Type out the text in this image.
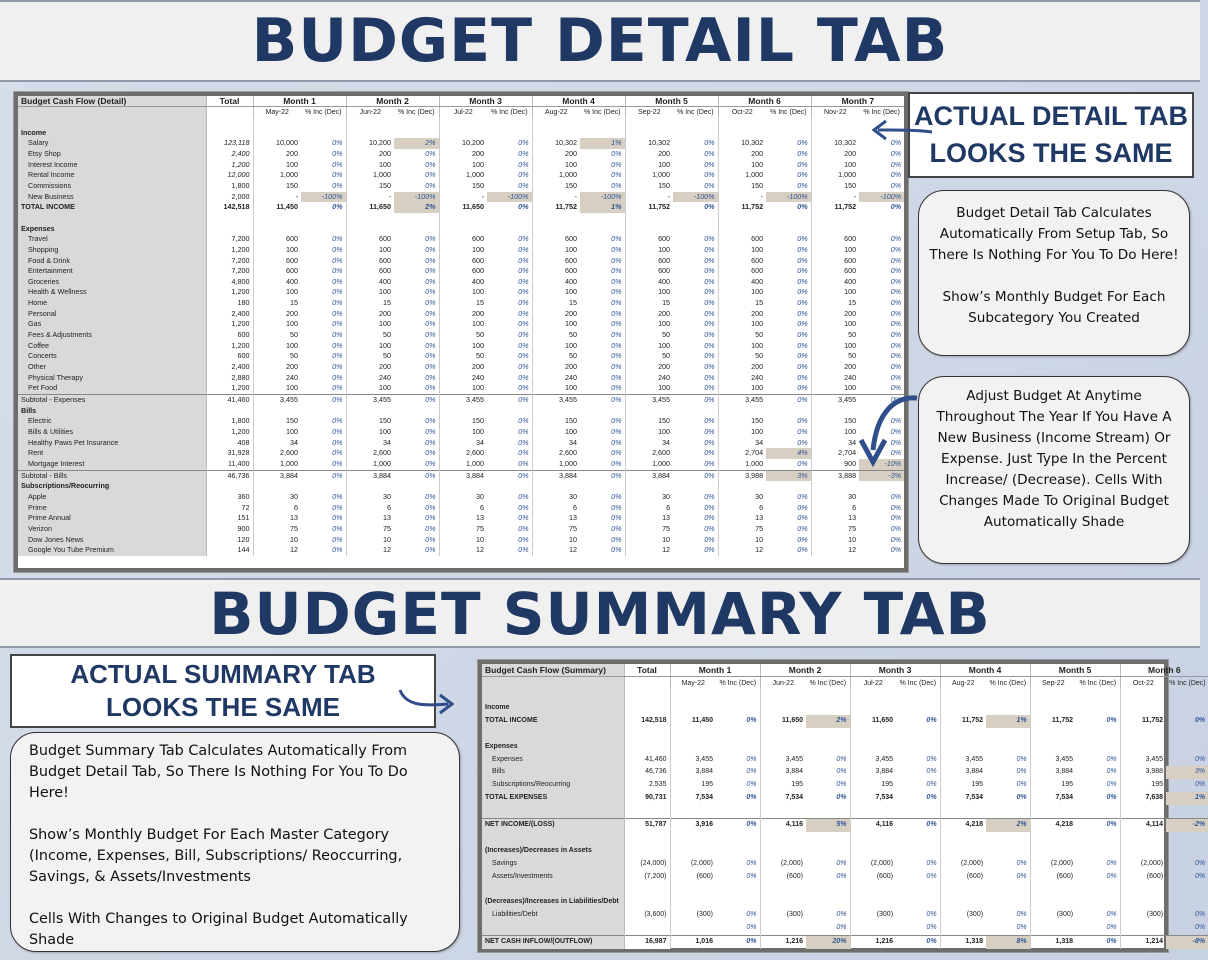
BUDGET DETAIL TAB
Budget Cash Flow (Detail)	Total	Month 1		Month 2		Month 3		Month 4		Month 5		Month 6		Month 7	
		May-22	% Inc (Dec)	Jun-22	% Inc (Dec)	Jul-22	% Inc (Dec)	Aug-22	% Inc (Dec)	Sep-22	% Inc (Dec)	Oct-22	% Inc (Dec)	Nov-22	% Inc (Dec)

Income															
Salary	123,118	10,000	0%	10,200	2%	10,200	0%	10,302	1%	10,302	0%	10,302	0%	10,302	0%
Etsy Shop	2,400	200	0%	200	0%	200	0%	200	0%	200	0%	200	0%	200	0%
Interest Income	1,200	100	0%	100	0%	100	0%	100	0%	100	0%	100	0%	100	0%
Rental Income	12,000	1,000	0%	1,000	0%	1,000	0%	1,000	0%	1,000	0%	1,000	0%	1,000	0%
Commissions	1,800	150	0%	150	0%	150	0%	150	0%	150	0%	150	0%	150	0%
New Business	2,000	-	-100%	-	-100%	-	-100%	-	-100%	-	-100%	-	-100%	-	-100%
TOTAL INCOME	142,518	11,450	0%	11,650	2%	11,650	0%	11,752	1%	11,752	0%	11,752	0%	11,752	0%

Expenses															
Travel	7,200	600	0%	600	0%	600	0%	600	0%	600	0%	600	0%	600	0%
Shopping	1,200	100	0%	100	0%	100	0%	100	0%	100	0%	100	0%	100	0%
Food & Drink	7,200	600	0%	600	0%	600	0%	600	0%	600	0%	600	0%	600	0%
Entertainment	7,200	600	0%	600	0%	600	0%	600	0%	600	0%	600	0%	600	0%
Groceries	4,800	400	0%	400	0%	400	0%	400	0%	400	0%	400	0%	400	0%
Health & Wellness	1,200	100	0%	100	0%	100	0%	100	0%	100	0%	100	0%	100	0%
Home	180	15	0%	15	0%	15	0%	15	0%	15	0%	15	0%	15	0%
Personal	2,400	200	0%	200	0%	200	0%	200	0%	200	0%	200	0%	200	0%
Gas	1,200	100	0%	100	0%	100	0%	100	0%	100	0%	100	0%	100	0%
Fees & Adjustments	600	50	0%	50	0%	50	0%	50	0%	50	0%	50	0%	50	0%
Coffee	1,200	100	0%	100	0%	100	0%	100	0%	100	0%	100	0%	100	0%
Concerts	600	50	0%	50	0%	50	0%	50	0%	50	0%	50	0%	50	0%
Other	2,400	200	0%	200	0%	200	0%	200	0%	200	0%	200	0%	200	0%
Physical Therapy	2,880	240	0%	240	0%	240	0%	240	0%	240	0%	240	0%	240	0%
Pet Food	1,200	100	0%	100	0%	100	0%	100	0%	100	0%	100	0%	100	0%
Subtotal - Expenses	41,460	3,455	0%	3,455	0%	3,455	0%	3,455	0%	3,455	0%	3,455	0%	3,455	0%
Bills															
Electric	1,800	150	0%	150	0%	150	0%	150	0%	150	0%	150	0%	150	0%
Bills & Utilities	1,200	100	0%	100	0%	100	0%	100	0%	100	0%	100	0%	100	0%
Healthy Paws Pet Insurance	408	34	0%	34	0%	34	0%	34	0%	34	0%	34	0%	34	0%
Rent	31,928	2,600	0%	2,600	0%	2,600	0%	2,600	0%	2,600	0%	2,704	4%	2,704	0%
Mortgage Interest	11,400	1,000	0%	1,000	0%	1,000	0%	1,000	0%	1,000	0%	1,000	0%	900	-10%
Subtotal - Bills	46,736	3,884	0%	3,884	0%	3,884	0%	3,884	0%	3,884	0%	3,988	3%	3,888	-3%
Subscriptions/Reocurring															
Apple	360	30	0%	30	0%	30	0%	30	0%	30	0%	30	0%	30	0%
Prime	72	6	0%	6	0%	6	0%	6	0%	6	0%	6	0%	6	0%
Prime Annual	151	13	0%	13	0%	13	0%	13	0%	13	0%	13	0%	13	0%
Verizon	900	75	0%	75	0%	75	0%	75	0%	75	0%	75	0%	75	0%
Dow Jones News	120	10	0%	10	0%	10	0%	10	0%	10	0%	10	0%	10	0%
Google You Tube Premium	144	12	0%	12	0%	12	0%	12	0%	12	0%	12	0%	12	0%
ACTUAL DETAIL TAB
LOOKS THE SAME

Budget Detail Tab Calculates Automatically From Setup Tab, So There Is Nothing For You To Do Here!

Show’s Monthly Budget For Each Subcategory You Created

Adjust Budget At Anytime Throughout The Year If You Have A New Business (Income Stream) Or Expense. Just Type In the Percent Increase/ (Decrease). Cells With Changes Made To Original Budget Automatically Shade

BUDGET SUMMARY TAB
ACTUAL SUMMARY TAB
LOOKS THE SAME

Budget Summary Tab Calculates Automatically From Budget Detail Tab, So There Is Nothing For You To Do Here!

Show’s Monthly Budget For Each Master Category (Income, Expenses, Bill, Subscriptions/ Reoccurring, Savings, & Assets/Investments

Cells With Changes to Original Budget Automatically Shade

Budget Cash Flow (Summary)	Total	Month 1		Month 2		Month 3		Month 4		Month 5		Month 6	
		May-22	% Inc (Dec)	Jun-22	% Inc (Dec)	Jul-22	% Inc (Dec)	Aug-22	% Inc (Dec)	Sep-22	% Inc (Dec)	Oct-22	% Inc (Dec)

Income													
TOTAL INCOME	142,518	11,450	0%	11,650	2%	11,650	0%	11,752	1%	11,752	0%	11,752	0%

Expenses													
Expenses	41,460	3,455	0%	3,455	0%	3,455	0%	3,455	0%	3,455	0%	3,455	0%
Bills	46,736	3,884	0%	3,884	0%	3,884	0%	3,884	0%	3,884	0%	3,988	3%
Subscriptions/Reocurring	2,535	195	0%	195	0%	195	0%	195	0%	195	0%	195	0%
TOTAL EXPENSES	90,731	7,534	0%	7,534	0%	7,534	0%	7,534	0%	7,534	0%	7,638	1%

NET INCOME/(LOSS)	51,787	3,916	0%	4,116	5%	4,116	0%	4,218	2%	4,218	0%	4,114	-2%

(Increases)/Decreases in Assets													
Savings	(24,000)	(2,000)	0%	(2,000)	0%	(2,000)	0%	(2,000)	0%	(2,000)	0%	(2,000)	0%
Assets/Investments	(7,200)	(600)	0%	(600)	0%	(600)	0%	(600)	0%	(600)	0%	(600)	0%

(Decreases)/Increases in Liabilities/Debt													
Liabilities/Debt	(3,600)	(300)	0%	(300)	0%	(300)	0%	(300)	0%	(300)	0%	(300)	0%
			0%		0%		0%		0%		0%		0%
NET CASH INFLOW/(OUTFLOW)	16,987	1,016	0%	1,216	20%	1,216	0%	1,318	8%	1,318	0%	1,214	-8%
